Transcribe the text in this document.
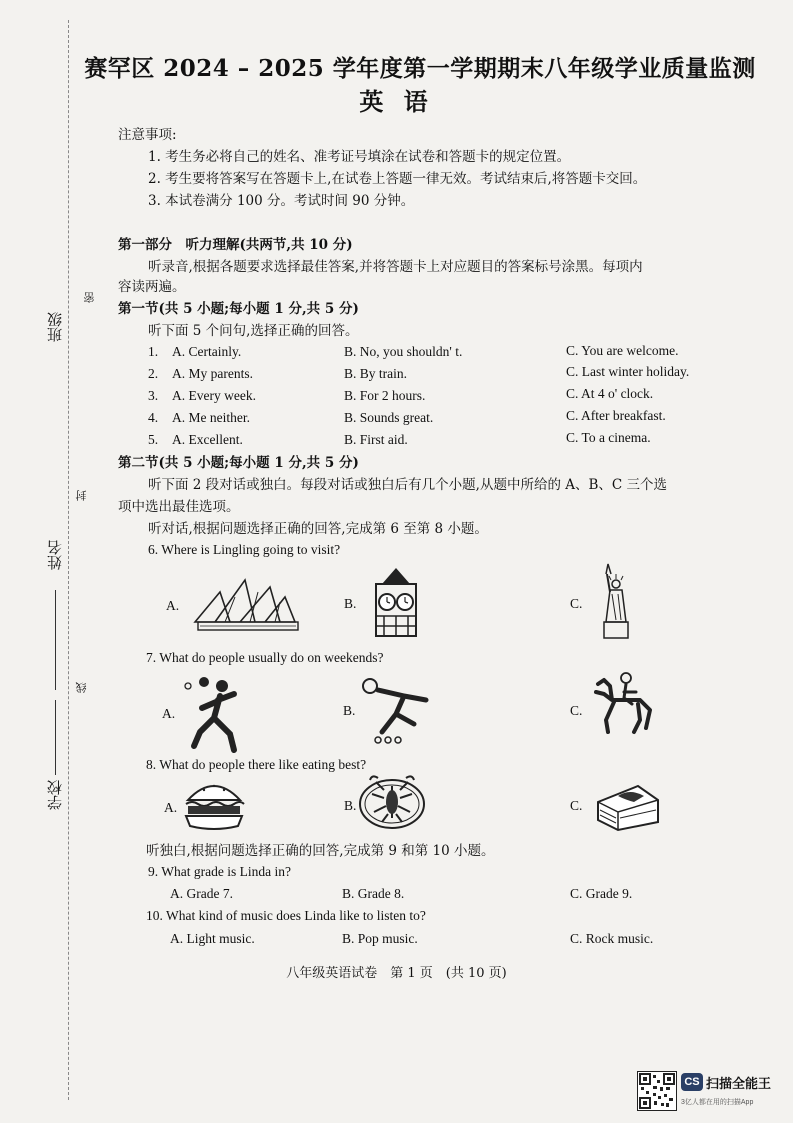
班级
姓名
学校
密
封
线
赛罕区 2024 – 2025 学年度第一学期期末八年级学业质量监测
英 语
注意事项:
1. 考生务必将自己的姓名、准考证号填涂在试卷和答题卡的规定位置。
2. 考生要将答案写在答题卡上,在试卷上答题一律无效。考试结束后,将答题卡交回。
3. 本试卷满分 100 分。考试时间 90 分钟。
第一部分　听力理解(共两节,共 10 分)
听录音,根据各题要求选择最佳答案,并将答题卡上对应题目的答案标号涂黑。每项内
容读两遍。
第一节(共 5 小题;每小题 1 分,共 5 分)
听下面 5 个问句,选择正确的回答。
1. A. Certainly.	B. No, you shouldn' t.	C. You are welcome.
2. A. My parents.	B. By train.	C. Last winter holiday.
3. A. Every week.	B. For 2 hours.	C. At 4 o' clock.
4. A. Me neither.	B. Sounds great.	C. After breakfast.
5. A. Excellent.	B. First aid.	C. To a cinema.
第二节(共 5 小题;每小题 1 分,共 5 分)
听下面 2 段对话或独白。每段对话或独白后有几个小题,从题中所给的 A、B、C 三个选
项中选出最佳选项。
听对话,根据问题选择正确的回答,完成第 6 至第 8 小题。
6. Where is Lingling going to visit?
A.	B.	C.
7. What do people usually do on weekends?
A.	B.	C.
8. What do people there like eating best?
A.	B.	C.
听独白,根据问题选择正确的回答,完成第 9 和第 10 小题。
9. What grade is Linda in?
A. Grade 7.	B. Grade 8.	C. Grade 9.
10. What kind of music does Linda like to listen to?
A. Light music.	B. Pop music.	C. Rock music.
八年级英语试卷　第 1 页　(共 10 页)
CS 扫描全能王
3亿人都在用的扫描App
